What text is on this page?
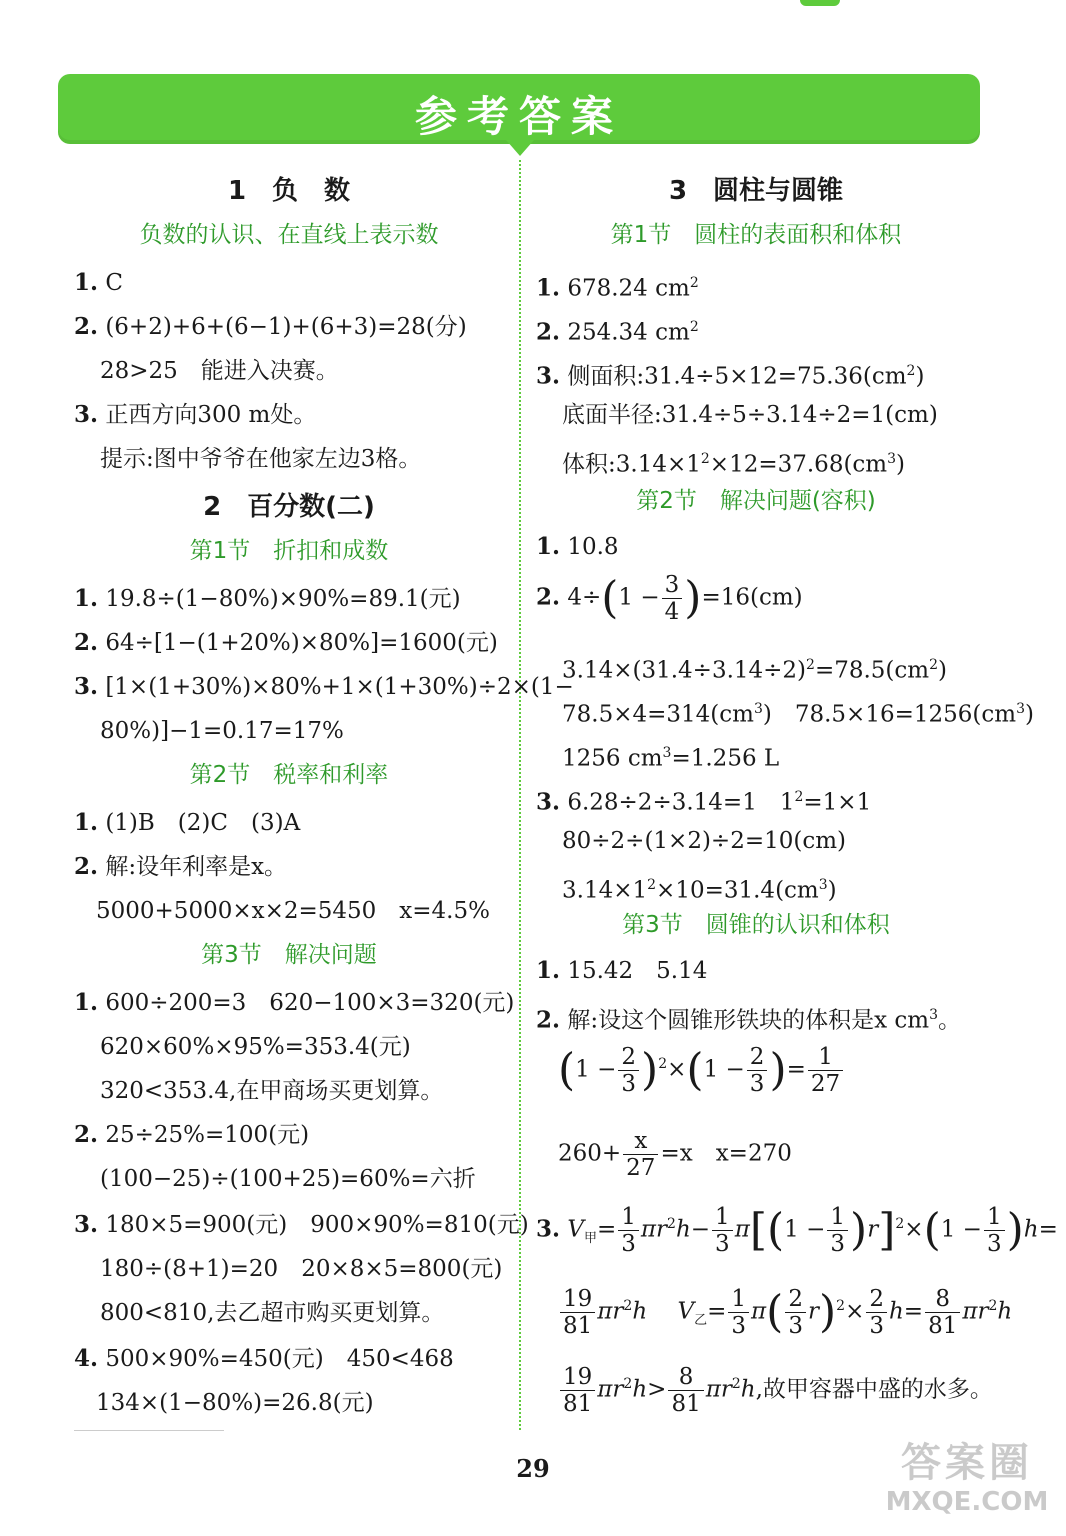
参考答案
1　负　数
负数的认识、在直线上表示数
1. C
2. (6+2)+6+(6−1)+(6+3)=28(分)
28>25　能进入决赛。
3. 正西方向300 m处。
提示:图中爷爷在他家左边3格。
2　百分数(二)
第1节　折扣和成数
1. 19.8÷(1−80%)×90%=89.1(元)
2. 64÷[1−(1+20%)×80%]=1600(元)
3. [1×(1+30%)×80%+1×(1+30%)÷2×(1−
80%)]−1=0.17=17%
第2节　税率和利率
1. (1)B　(2)C　(3)A
2. 解:设年利率是x。
5000+5000×x×2=5450　x=4.5%
第3节　解决问题
1. 600÷200=3　620−100×3=320(元)
620×60%×95%=353.4(元)
320<353.4,在甲商场买更划算。
2. 25÷25%=100(元)
(100−25)÷(100+25)=60%=六折
3. 180×5=900(元)　900×90%=810(元)
180÷(8+1)=20　20×8×5=800(元)
800<810,去乙超市购买更划算。
4. 500×90%=450(元)　450<468
134×(1−80%)=26.8(元)
3　圆柱与圆锥
第1节　圆柱的表面积和体积
1. 678.24 $cm^2$
2. 254.34 $cm^2$
3. 侧面积$:31.4\div 5\times 12=75.36(cm^2)$
底面半径:31.4÷5÷3.14÷2=1(cm)
体积$:3.14\times 1^2\times 12=37.68(cm^3)$
第2节　解决问题(容积)
1. 10.8
2. $4\div(1 - \frac{3}{4} )=16(cm)$
$3.14\times(31.4\div 3.14\div 2)^2=78.5(cm^2)$
$78.5\times 4=314(cm^3)$　$78.5\times 16=1256(cm^3)$
1256 $cm^3=1.256$ L
3. 6.28÷2÷3.14=1　$1^2=1\times 1$
80÷2÷(1×2)÷2=10(cm)
$3.14\times 1^2\times 10=31.4(cm^3)$
第3节　圆锥的认识和体积
1. 15.42　5.14
2. 解:设这个圆锥形铁块的体积是x $cm^3$。
$(1 - \frac{2}{3} )^2\times(1 - \frac{2}{3}$ )= $\frac{1}{27}$
$260+ \frac{x}{27} =x$　x=270
3. $V_甲= \frac{1}{3} \pi r^2h- \frac{1}{3} \pi[(1 - \frac{1}{3} )r]^2\times(1 - \frac{1}{3} )h=$
$\frac{19}{81} \pi r^2h$　 $V_乙= \frac{1}{3} \pi( \frac{2}{3} r)^2\times \frac{2}{3} h= \frac{8}{81} \pi r^2h$
$\frac{19}{81} \pi r^2h> \frac{8}{81} \pi r^2h$,故甲容器中盛的水多。
29	答案圈
MXQE.COM
